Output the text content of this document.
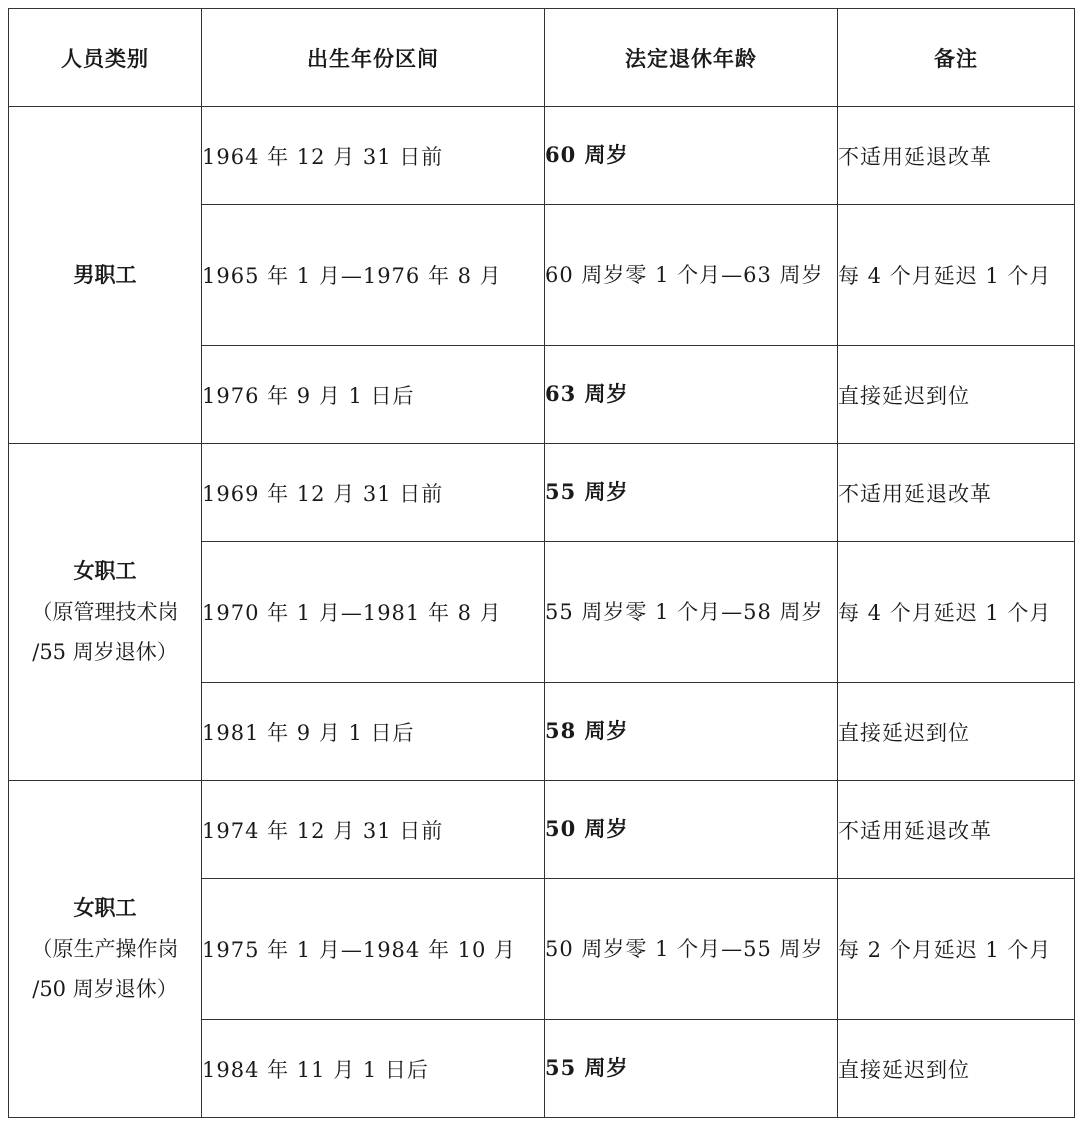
人员类别	出生年份区间	法定退休年龄	备注

男职工	1964 年 12 月 31 日前	60 周岁	不适用延退改革
	1965 年 1 月—1976 年 8 月	60 周岁零 1 个月—63 周岁	每 4 个月延迟 1 个月
	1976 年 9 月 1 日后	63 周岁	直接延迟到位

女职工
（原管理技术岗
/55 周岁退休）	1969 年 12 月 31 日前	55 周岁	不适用延退改革
	1970 年 1 月—1981 年 8 月	55 周岁零 1 个月—58 周岁	每 4 个月延迟 1 个月
	1981 年 9 月 1 日后	58 周岁	直接延迟到位

女职工
（原生产操作岗
/50 周岁退休）	1974 年 12 月 31 日前	50 周岁	不适用延退改革
	1975 年 1 月—1984 年 10 月	50 周岁零 1 个月—55 周岁	每 2 个月延迟 1 个月
	1984 年 11 月 1 日后	55 周岁	直接延迟到位
